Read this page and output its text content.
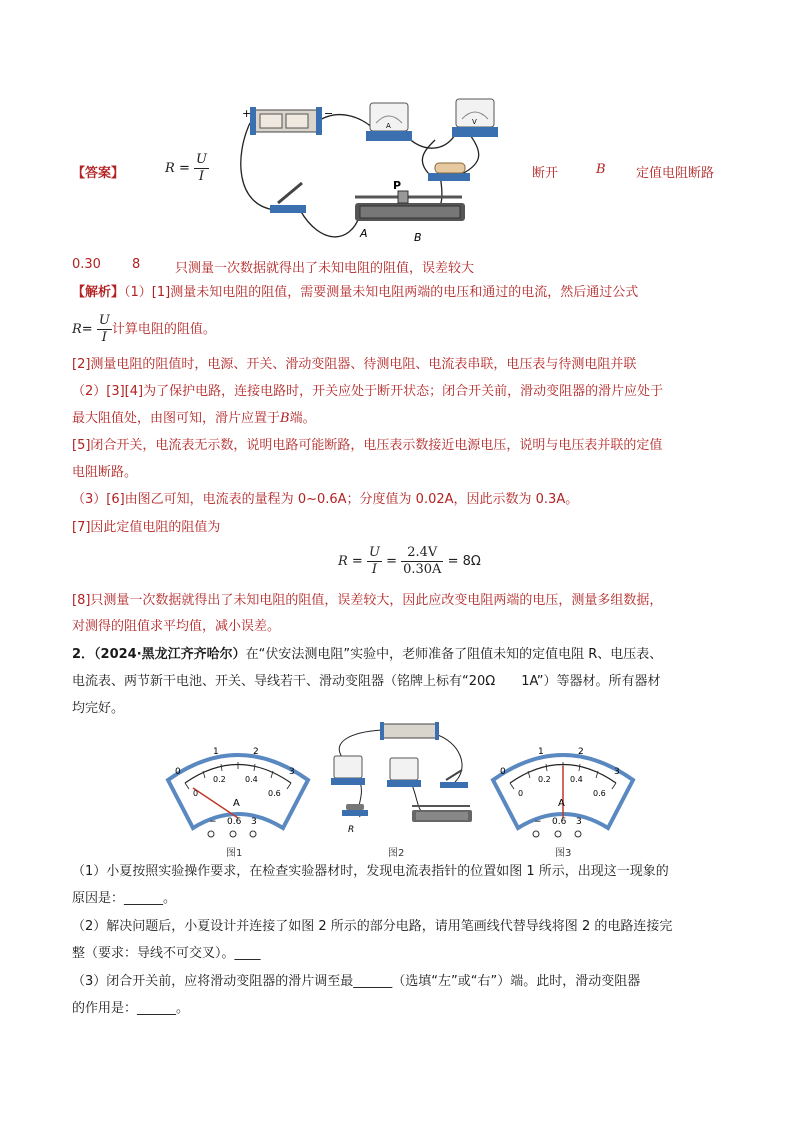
+	−
A	V
P
A	B
【答案】	$R = \frac{U}{I}$	断开	B 定值电阻断路
0.30 8	只测量一次数据就得出了未知电阻的阻值，误差较大
【解析】（1）[1]测量未知电阻的阻值，需要测量未知电阻两端的电压和通过的电流，然后通过公式
$R= \frac{U}{I}$ 计算电阻的阻值。
[2]测量电阻的阻值时，电源、开关、滑动变阻器、待测电阻、电流表串联，电压表与待测电阻并联
（2）[3][4]为了保护电路，连接电路时，开关应处于断开状态；闭合开关前，滑动变阻器的滑片应处于
最大阻值处，由图可知，滑片应置于B端。
[5]闭合开关，电流表无示数，说明电路可能断路，电压表示数接近电源电压，说明与电压表并联的定值
电阻断路。
（3）[6]由图乙可知，电流表的量程为 0~0.6A；分度值为 0.02A，因此示数为 0.3A。
[7]因此定值电阻的阻值为
$R = \frac{U}{I} = \frac{2.4V}{0.30A} = 8\Omega$
[8]只测量一次数据就得出了未知电阻的阻值，误差较大，因此应改变电阻两端的电压，测量多组数据，
对测得的阻值求平均值，减小误差。
2．（2024·黑龙江齐齐哈尔）在“伏安法测电阻”实验中，老师准备了阻值未知的定值电阻 R、电压表、
电流表、两节新干电池、开关、导线若干、滑动变阻器（铭牌上标有“20Ω　　1A”）等器材。所有器材
均完好。
0
1	2
3
0
0.2 0.4
0.6
A
− 0.6 3
图1
R
图2
0
1	2
3
0
0.2 0.4
0.6
A
− 0.6 3
图3
（1）小夏按照实验操作要求，在检查实验器材时，发现电流表指针的位置如图 1 所示，出现这一现象的
原因是：______。
（2）解决问题后，小夏设计并连接了如图 2 所示的部分电路，请用笔画线代替导线将图 2 的电路连接完
整（要求：导线不可交叉）。____
（3）闭合开关前，应将滑动变阻器的滑片调至最______（选填“左”或“右”）端。此时，滑动变阻器
的作用是：______。
